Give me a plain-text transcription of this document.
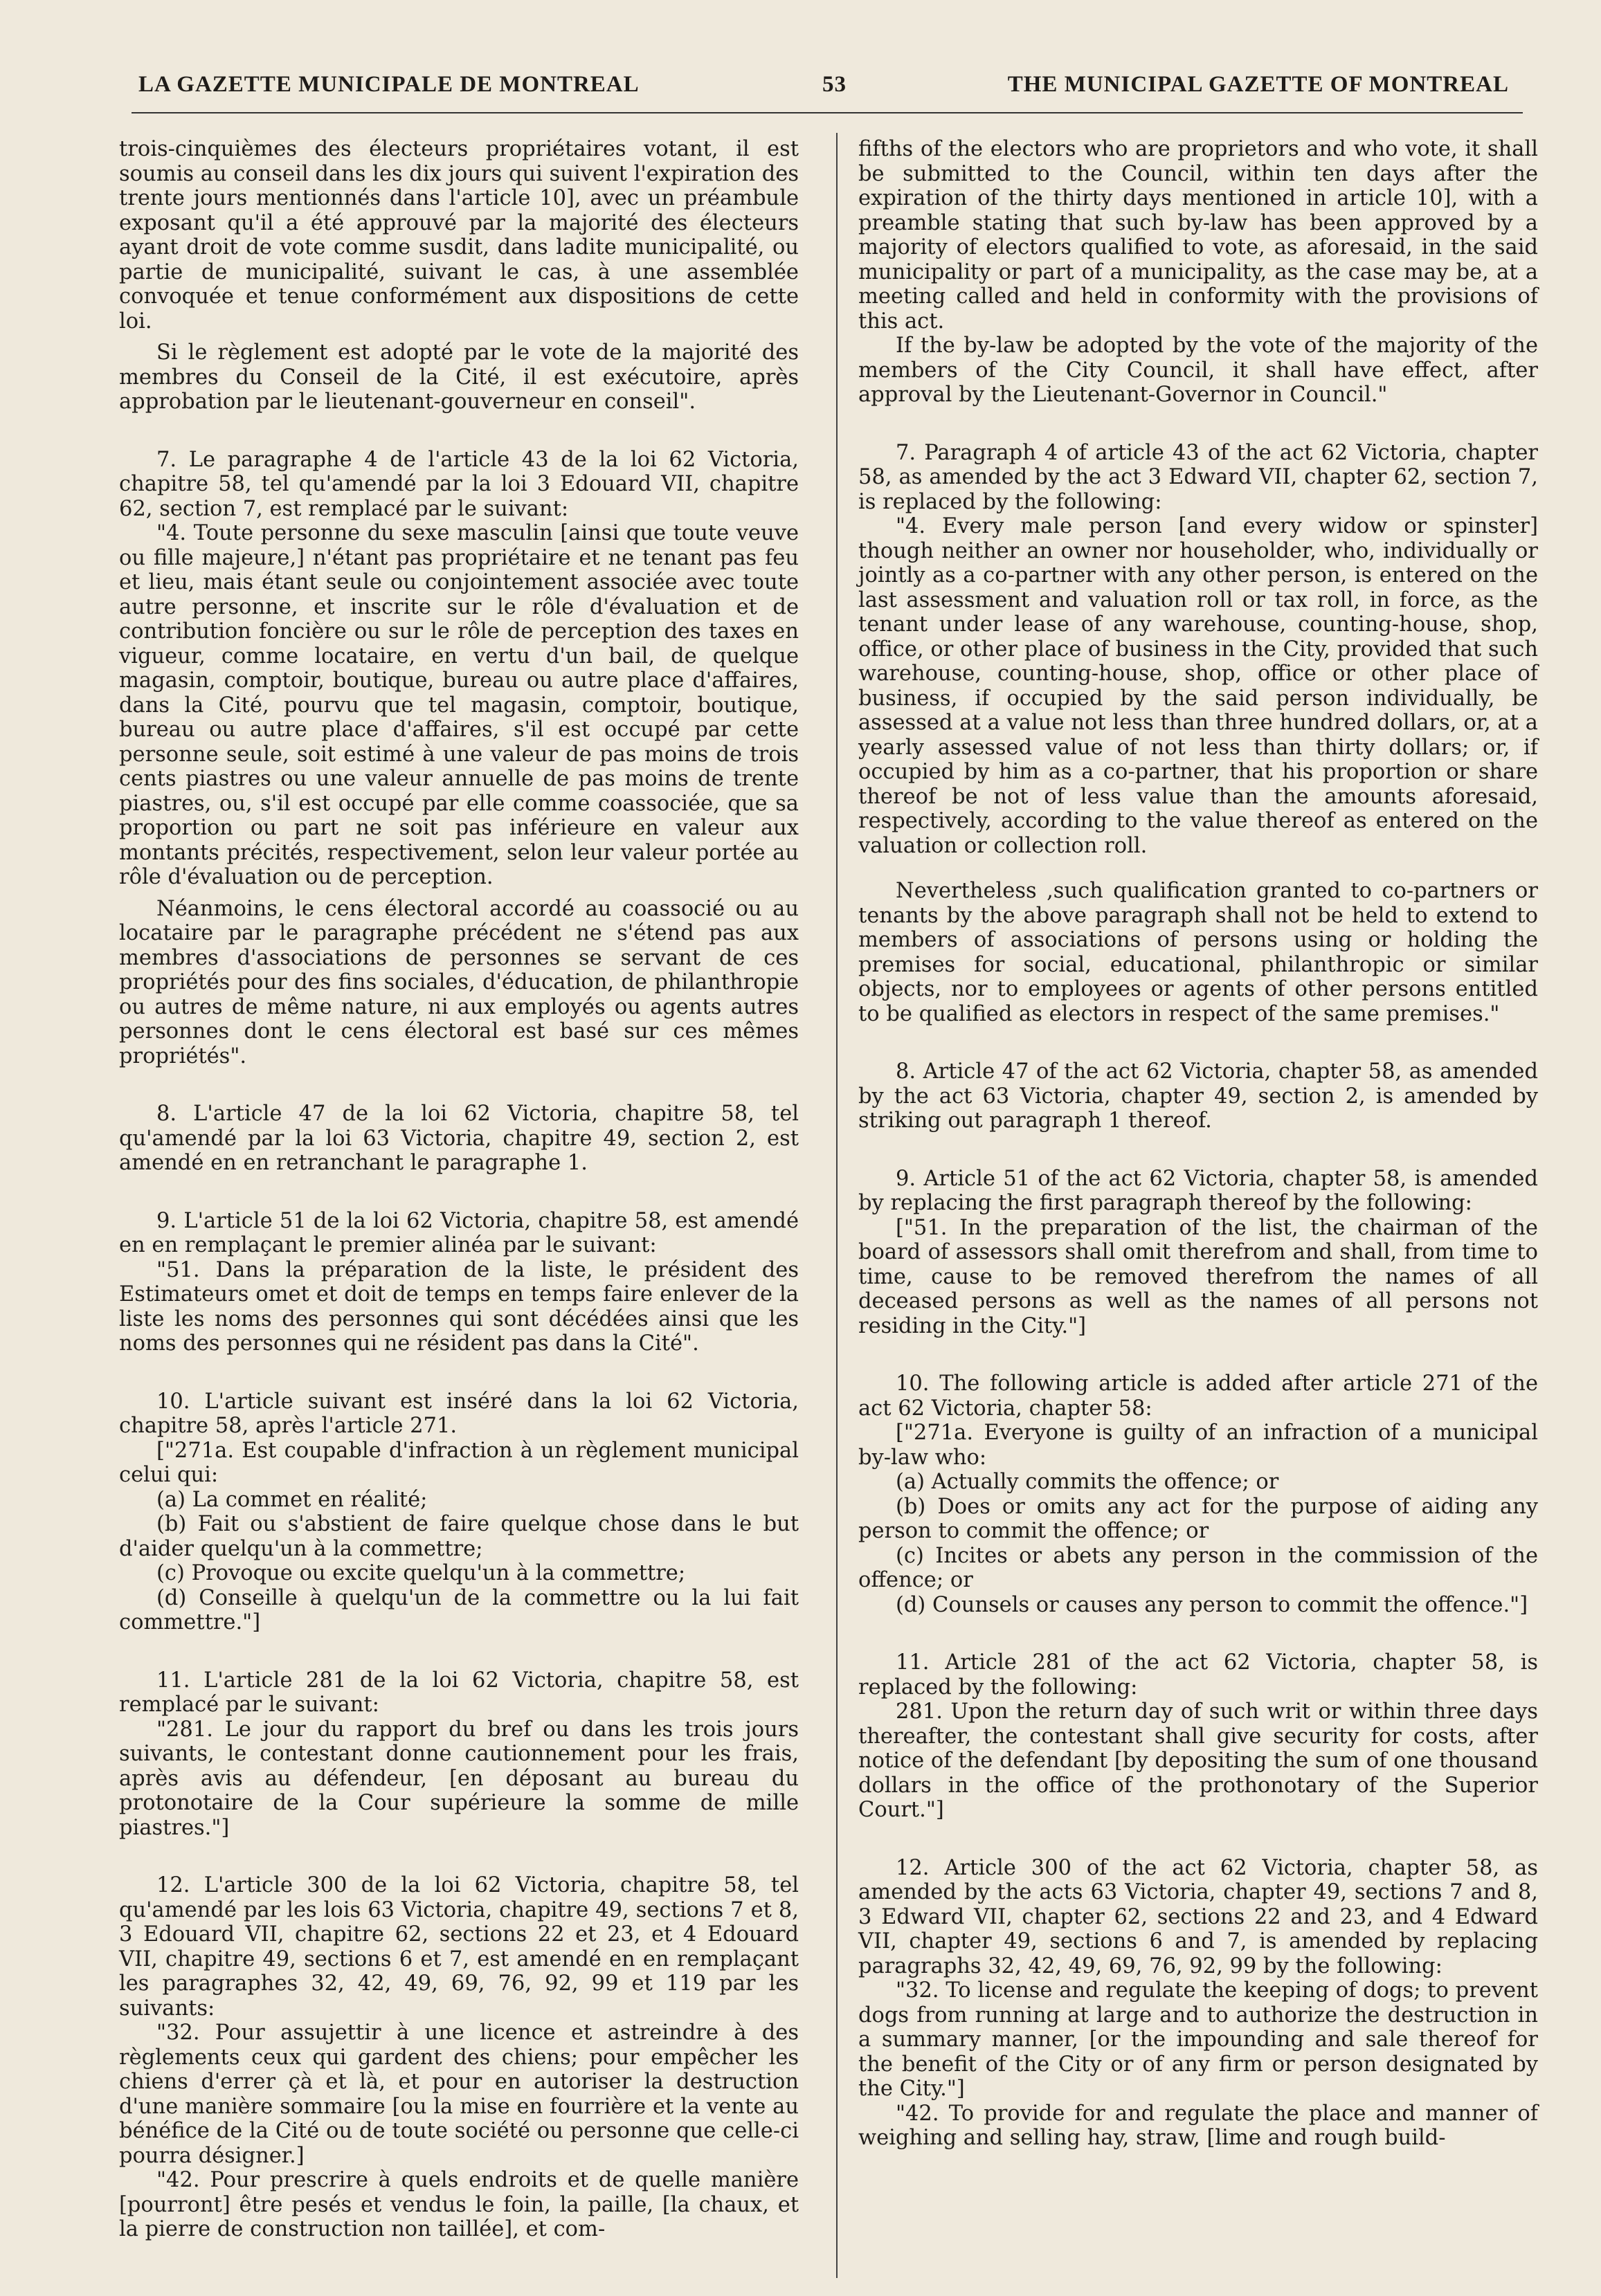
LA GAZETTE MUNICIPALE DE MONTREAL	53	THE MUNICIPAL GAZETTE OF MONTREAL

trois-cinquièmes des électeurs propriétaires votant, il est soumis au conseil dans les dix jours qui suivent l'expiration des trente jours mentionnés dans l'article 10], avec un préambule exposant qu'il a été approuvé par la majorité des électeurs ayant droit de vote comme susdit, dans ladite municipalité, ou partie de municipalité, suivant le cas, à une assemblée convoquée et tenue conformément aux dispositions de cette loi.

Si le règlement est adopté par le vote de la majorité des membres du Conseil de la Cité, il est exécutoire, après approbation par le lieutenant-gouverneur en conseil".

7. Le paragraphe 4 de l'article 43 de la loi 62 Victoria, chapitre 58, tel qu'amendé par la loi 3 Edouard VII, chapitre 62, section 7, est remplacé par le suivant:

"4. Toute personne du sexe masculin [ainsi que toute veuve ou fille majeure,] n'étant pas propriétaire et ne tenant pas feu et lieu, mais étant seule ou conjointement associée avec toute autre personne, et inscrite sur le rôle d'évaluation et de contribution foncière ou sur le rôle de perception des taxes en vigueur, comme locataire, en vertu d'un bail, de quelque magasin, comptoir, boutique, bureau ou autre place d'affaires, dans la Cité, pourvu que tel magasin, comptoir, boutique, bureau ou autre place d'affaires, s'il est occupé par cette personne seule, soit estimé à une valeur de pas moins de trois cents piastres ou une valeur annuelle de pas moins de trente piastres, ou, s'il est occupé par elle comme coassociée, que sa proportion ou part ne soit pas inférieure en valeur aux montants précités, respectivement, selon leur valeur portée au rôle d'évaluation ou de perception.

Néanmoins, le cens électoral accordé au coassocié ou au locataire par le paragraphe précédent ne s'étend pas aux membres d'associations de personnes se servant de ces propriétés pour des fins sociales, d'éducation, de philanthropie ou autres de même nature, ni aux employés ou agents autres personnes dont le cens électoral est basé sur ces mêmes propriétés".

8. L'article 47 de la loi 62 Victoria, chapitre 58, tel qu'amendé par la loi 63 Victoria, chapitre 49, section 2, est amendé en en retranchant le paragraphe 1.

9. L'article 51 de la loi 62 Victoria, chapitre 58, est amendé en en remplaçant le premier alinéa par le suivant:

"51. Dans la préparation de la liste, le président des Estimateurs omet et doit de temps en temps faire enlever de la liste les noms des personnes qui sont décédées ainsi que les noms des personnes qui ne résident pas dans la Cité".

10. L'article suivant est inséré dans la loi 62 Victoria, chapitre 58, après l'article 271.

["271a. Est coupable d'infraction à un règlement municipal celui qui:

(a) La commet en réalité;

(b) Fait ou s'abstient de faire quelque chose dans le but d'aider quelqu'un à la commettre;

(c) Provoque ou excite quelqu'un à la commettre;

(d) Conseille à quelqu'un de la commettre ou la lui fait commettre."]

11. L'article 281 de la loi 62 Victoria, chapitre 58, est remplacé par le suivant:

"281. Le jour du rapport du bref ou dans les trois jours suivants, le contestant donne cautionnement pour les frais, après avis au défendeur, [en déposant au bureau du protonotaire de la Cour supérieure la somme de mille piastres."]

12. L'article 300 de la loi 62 Victoria, chapitre 58, tel qu'amendé par les lois 63 Victoria, chapitre 49, sections 7 et 8, 3 Edouard VII, chapitre 62, sections 22 et 23, et 4 Edouard VII, chapitre 49, sections 6 et 7, est amendé en en remplaçant les paragraphes 32, 42, 49, 69, 76, 92, 99 et 119 par les suivants:

"32. Pour assujettir à une licence et astreindre à des règlements ceux qui gardent des chiens; pour empêcher les chiens d'errer çà et là, et pour en autoriser la destruction d'une manière sommaire [ou la mise en fourrière et la vente au bénéfice de la Cité ou de toute société ou personne que celle-ci pourra désigner.]

"42. Pour prescrire à quels endroits et de quelle manière [pourront] être pesés et vendus le foin, la paille, [la chaux, et la pierre de construction non taillée], et com-

fifths of the electors who are proprietors and who vote, it shall be submitted to the Council, within ten days after the expiration of the thirty days mentioned in article 10], with a preamble stating that such by-law has been approved by a majority of electors qualified to vote, as aforesaid, in the said municipality or part of a municipality, as the case may be, at a meeting called and held in conformity with the provisions of this act.

If the by-law be adopted by the vote of the majority of the members of the City Council, it shall have effect, after approval by the Lieutenant-Governor in Council."

7. Paragraph 4 of article 43 of the act 62 Victoria, chapter 58, as amended by the act 3 Edward VII, chapter 62, section 7, is replaced by the following:

"4. Every male person [and every widow or spinster] though neither an owner nor householder, who, individually or jointly as a co-partner with any other person, is entered on the last assessment and valuation roll or tax roll, in force, as the tenant under lease of any warehouse, counting-house, shop, office, or other place of business in the City, provided that such warehouse, counting-house, shop, office or other place of business, if occupied by the said person individually, be assessed at a value not less than three hundred dollars, or, at a yearly assessed value of not less than thirty dollars; or, if occupied by him as a co-partner, that his proportion or share thereof be not of less value than the amounts aforesaid, respectively, according to the value thereof as entered on the valuation or collection roll.

Nevertheless ,such qualification granted to co-partners or tenants by the above paragraph shall not be held to extend to members of associations of persons using or holding the premises for social, educational, philanthropic or similar objects, nor to employees or agents of other persons entitled to be qualified as electors in respect of the same premises."

8. Article 47 of the act 62 Victoria, chapter 58, as amended by the act 63 Victoria, chapter 49, section 2, is amended by striking out paragraph 1 thereof.

9. Article 51 of the act 62 Victoria, chapter 58, is amended by replacing the first paragraph thereof by the following:

["51. In the preparation of the list, the chairman of the board of assessors shall omit therefrom and shall, from time to time, cause to be removed therefrom the names of all deceased persons as well as the names of all persons not residing in the City."]

10. The following article is added after article 271 of the act 62 Victoria, chapter 58:

["271a. Everyone is guilty of an infraction of a municipal by-law who:

(a) Actually commits the offence; or

(b) Does or omits any act for the purpose of aiding any person to commit the offence; or

(c) Incites or abets any person in the commission of the offence; or

(d) Counsels or causes any person to commit the offence."]

11. Article 281 of the act 62 Victoria, chapter 58, is replaced by the following:

281. Upon the return day of such writ or within three days thereafter, the contestant shall give security for costs, after notice of the defendant [by depositing the sum of one thousand dollars in the office of the prothonotary of the Superior Court."]

12. Article 300 of the act 62 Victoria, chapter 58, as amended by the acts 63 Victoria, chapter 49, sections 7 and 8, 3 Edward VII, chapter 62, sections 22 and 23, and 4 Edward VII, chapter 49, sections 6 and 7, is amended by replacing paragraphs 32, 42, 49, 69, 76, 92, 99 by the following:

"32. To license and regulate the keeping of dogs; to prevent dogs from running at large and to authorize the destruction in a summary manner, [or the impounding and sale thereof for the benefit of the City or of any firm or person designated by the City."]

"42. To provide for and regulate the place and manner of weighing and selling hay, straw, [lime and rough build-
